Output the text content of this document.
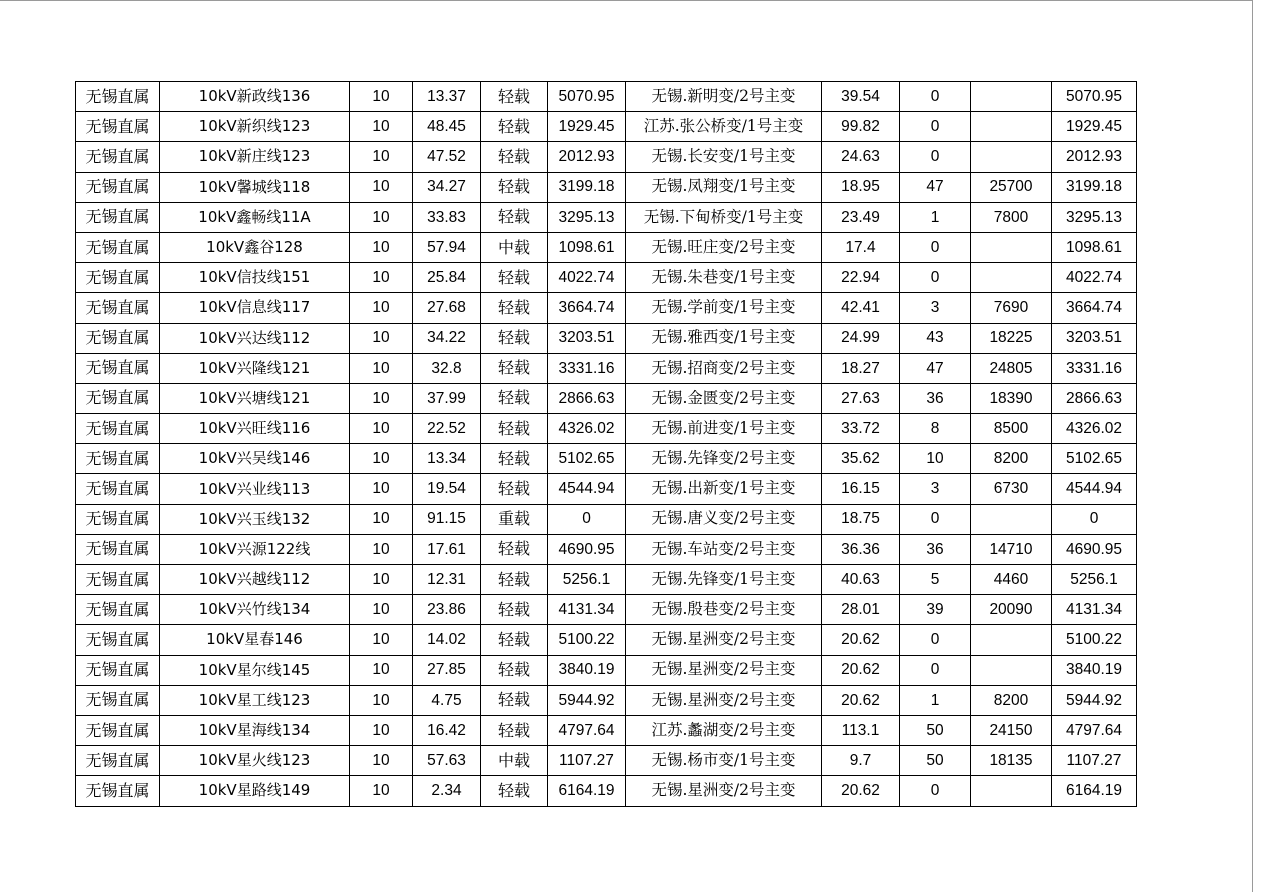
无锡直属	10kV新政线136	10	13.37	轻载	5070.95	无锡.新明变/2号主变	39.54	0		5070.95
无锡直属	10kV新织线123	10	48.45	轻载	1929.45	江苏.张公桥变/1号主变	99.82	0		1929.45
无锡直属	10kV新庄线123	10	47.52	轻载	2012.93	无锡.长安变/1号主变	24.63	0		2012.93
无锡直属	10kV馨城线118	10	34.27	轻载	3199.18	无锡.凤翔变/1号主变	18.95	47	25700	3199.18
无锡直属	10kV鑫畅线11A	10	33.83	轻载	3295.13	无锡.下甸桥变/1号主变	23.49	1	7800	3295.13
无锡直属	10kV鑫谷128	10	57.94	中载	1098.61	无锡.旺庄变/2号主变	17.4	0		1098.61
无锡直属	10kV信技线151	10	25.84	轻载	4022.74	无锡.朱巷变/1号主变	22.94	0		4022.74
无锡直属	10kV信息线117	10	27.68	轻载	3664.74	无锡.学前变/1号主变	42.41	3	7690	3664.74
无锡直属	10kV兴达线112	10	34.22	轻载	3203.51	无锡.雅西变/1号主变	24.99	43	18225	3203.51
无锡直属	10kV兴隆线121	10	32.8	轻载	3331.16	无锡.招商变/2号主变	18.27	47	24805	3331.16
无锡直属	10kV兴塘线121	10	37.99	轻载	2866.63	无锡.金匮变/2号主变	27.63	36	18390	2866.63
无锡直属	10kV兴旺线116	10	22.52	轻载	4326.02	无锡.前进变/1号主变	33.72	8	8500	4326.02
无锡直属	10kV兴吴线146	10	13.34	轻载	5102.65	无锡.先锋变/2号主变	35.62	10	8200	5102.65
无锡直属	10kV兴业线113	10	19.54	轻载	4544.94	无锡.出新变/1号主变	16.15	3	6730	4544.94
无锡直属	10kV兴玉线132	10	91.15	重载	0	无锡.唐义变/2号主变	18.75	0		0
无锡直属	10kV兴源122线	10	17.61	轻载	4690.95	无锡.车站变/2号主变	36.36	36	14710	4690.95
无锡直属	10kV兴越线112	10	12.31	轻载	5256.1	无锡.先锋变/1号主变	40.63	5	4460	5256.1
无锡直属	10kV兴竹线134	10	23.86	轻载	4131.34	无锡.殷巷变/2号主变	28.01	39	20090	4131.34
无锡直属	10kV星春146	10	14.02	轻载	5100.22	无锡.星洲变/2号主变	20.62	0		5100.22
无锡直属	10kV星尔线145	10	27.85	轻载	3840.19	无锡.星洲变/2号主变	20.62	0		3840.19
无锡直属	10kV星工线123	10	4.75	轻载	5944.92	无锡.星洲变/2号主变	20.62	1	8200	5944.92
无锡直属	10kV星海线134	10	16.42	轻载	4797.64	江苏.蠡湖变/2号主变	113.1	50	24150	4797.64
无锡直属	10kV星火线123	10	57.63	中载	1107.27	无锡.杨市变/1号主变	9.7	50	18135	1107.27
无锡直属	10kV星路线149	10	2.34	轻载	6164.19	无锡.星洲变/2号主变	20.62	0		6164.19
